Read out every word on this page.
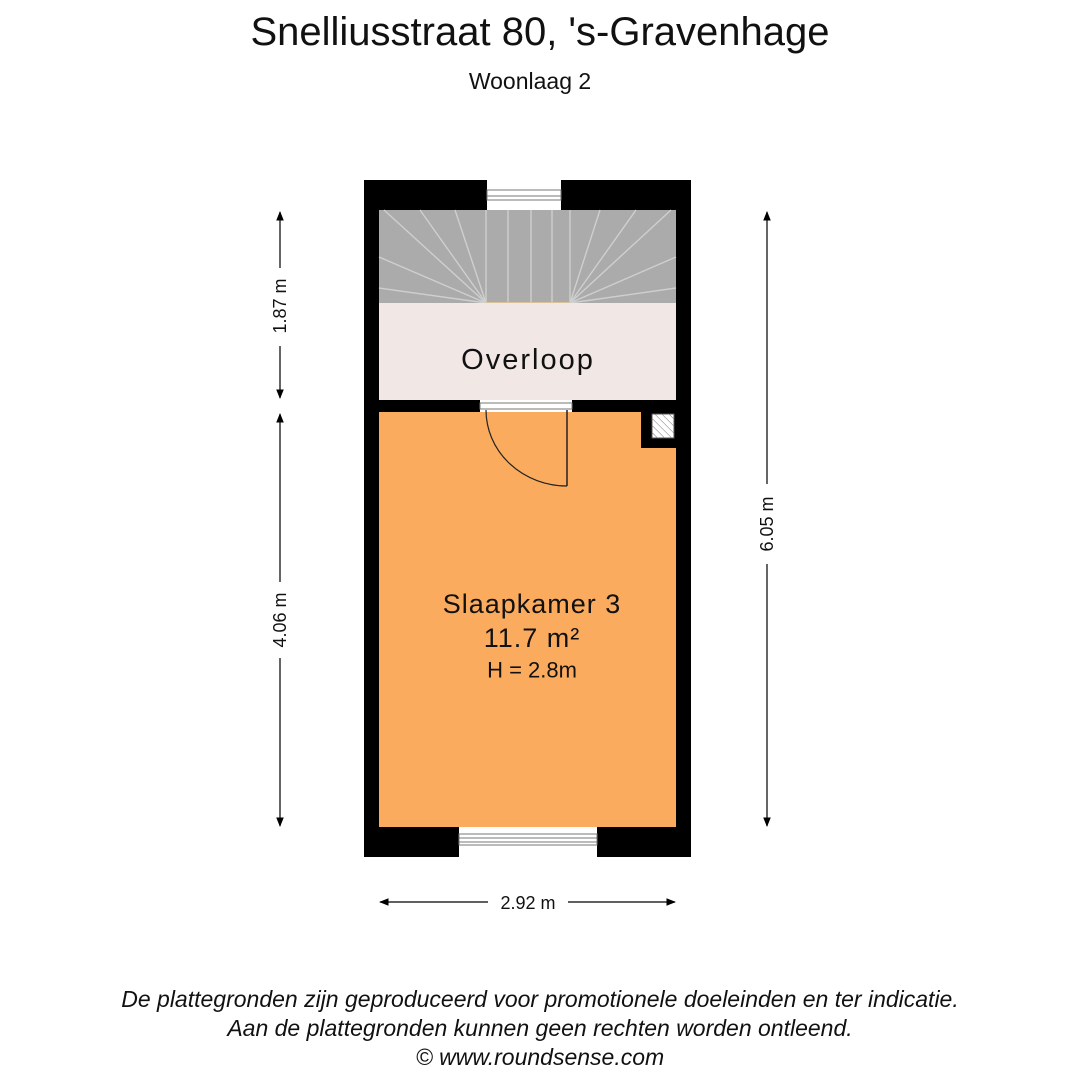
Snelliusstraat 80, 's-Gravenhage
Woonlaag 2
1.87 m
4.06 m
6.05 m
2.92 m
Overloop
Slaapkamer 3
11.7 m²
H = 2.8m
De plattegronden zijn geproduceerd voor promotionele doeleinden en ter indicatie.
Aan de plattegronden kunnen geen rechten worden ontleend.
© www.roundsense.com
